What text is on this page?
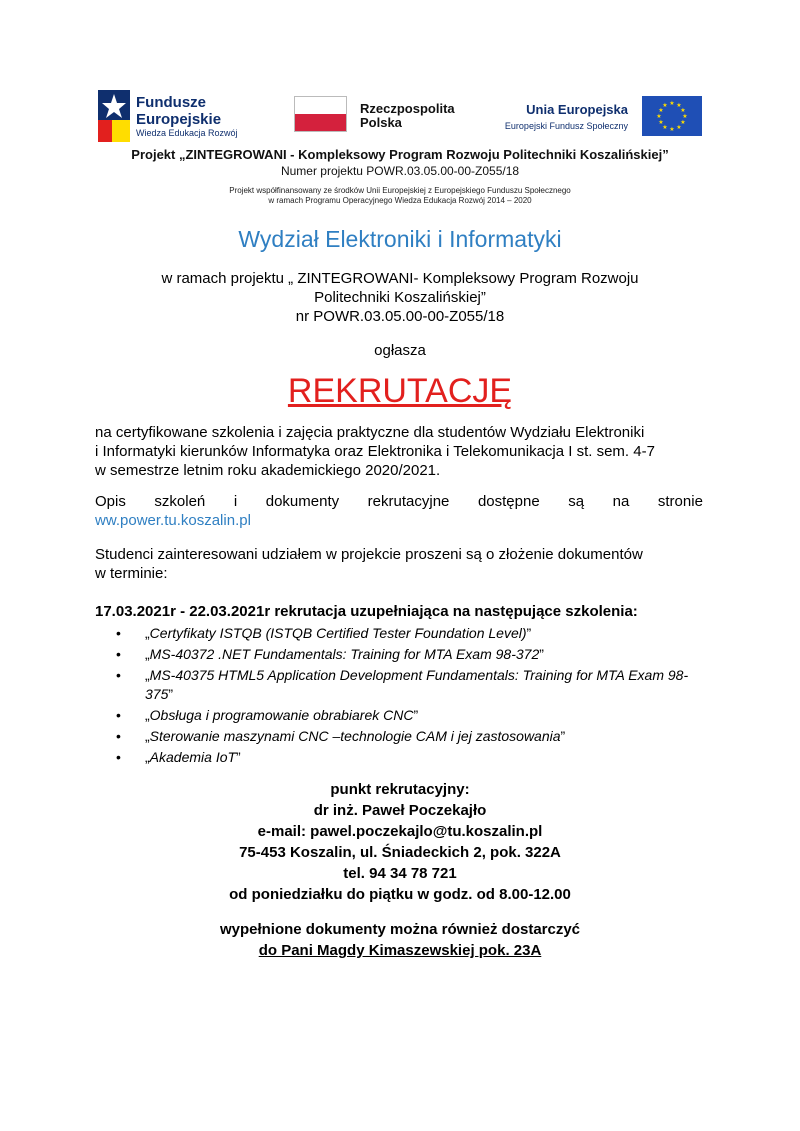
Fundusze
Europejskie
Wiedza Edukacja Rozwój
Rzeczpospolita
Polska
Unia Europejska
Europejski Fundusz Społeczny
★ ★
★
★
★
★
★
★
★
★
★
★
Projekt „ZINTEGROWANI - Kompleksowy Program Rozwoju Politechniki Koszalińskiej”
Numer projektu POWR.03.05.00-00-Z055/18
Projekt współfinansowany ze środków Unii Europejskiej z Europejskiego Funduszu Społecznego
w ramach Programu Operacyjnego Wiedza Edukacja Rozwój 2014 – 2020
Wydział Elektroniki i Informatyki
w ramach projektu „ ZINTEGROWANI- Kompleksowy Program Rozwoju
Politechniki Koszalińskiej”
nr POWR.03.05.00-00-Z055/18
ogłasza
REKRUTACJĘ
na certyfikowane szkolenia i zajęcia praktyczne dla studentów Wydziału Elektroniki
i Informatyki kierunków Informatyka oraz Elektronika i Telekomunikacja I st. sem. 4-7
w semestrze letnim roku akademickiego 2020/2021.
Opis szkoleń i dokumenty rekrutacyjne dostępne są na stronie
ww.power.tu.koszalin.pl
Studenci zainteresowani udziałem w projekcie proszeni są o złożenie dokumentów
w terminie:
17.03.2021r - 22.03.2021r rekrutacja uzupełniająca na następujące szkolenia:
• „Certyfikaty ISTQB (ISTQB Certified Tester Foundation Level)”
• „MS-40372 .NET Fundamentals: Training for MTA Exam 98-372”
• „MS-40375 HTML5 Application Development Fundamentals: Training for MTA Exam 98-375”
• „Obsługa i programowanie obrabiarek CNC”
• „Sterowanie maszynami CNC –technologie CAM i jej zastosowania”
• „Akademia IoT”
punkt rekrutacyjny:
dr inż. Paweł Poczekajło
e-mail: pawel.poczekajlo@tu.koszalin.pl
75-453 Koszalin, ul. Śniadeckich 2, pok. 322A
tel. 94 34 78 721
od poniedziałku do piątku w godz. od 8.00-12.00
wypełnione dokumenty można również dostarczyć
do Pani Magdy Kimaszewskiej pok. 23A
